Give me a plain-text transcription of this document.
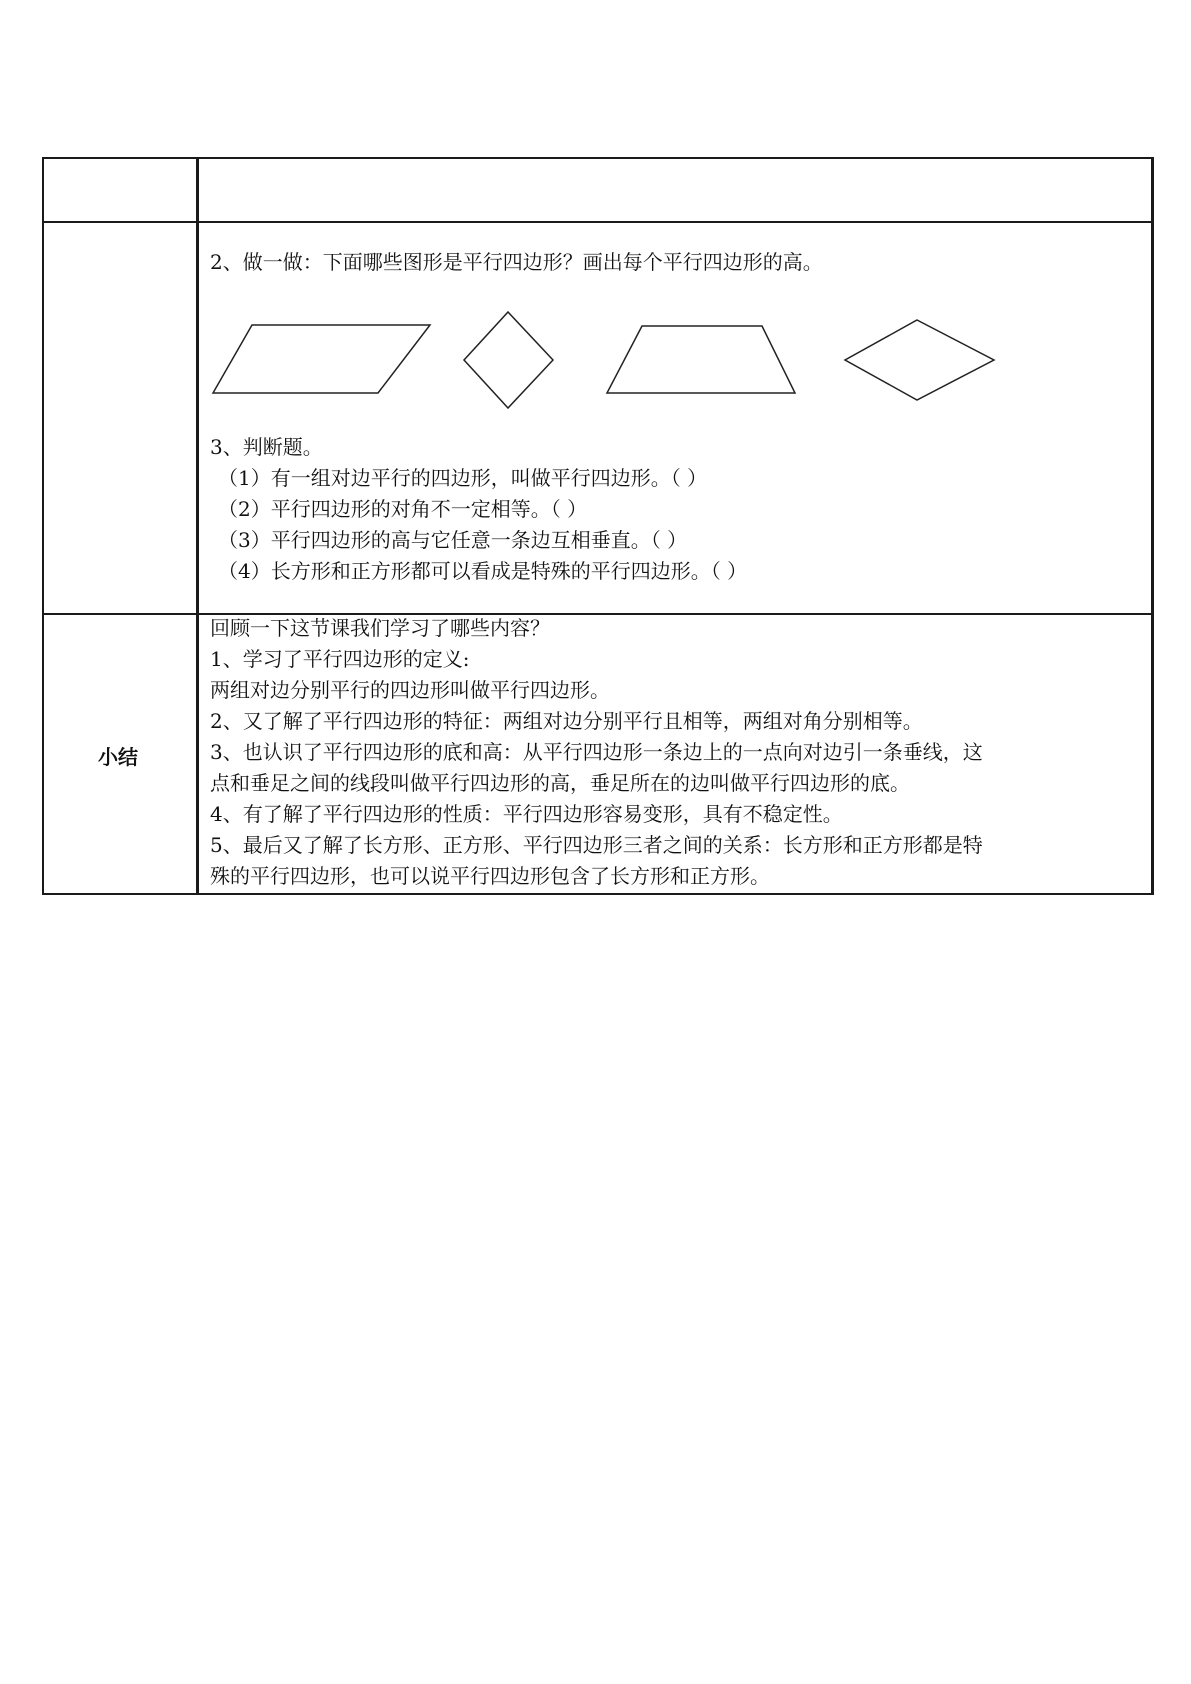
2、做一做：下面哪些图形是平行四边形？画出每个平行四边形的高。
3、判断题。
（1）有一组对边平行的四边形，叫做平行四边形。（ ）
（2）平行四边形的对角不一定相等。（ ）
（3）平行四边形的高与它任意一条边互相垂直。（ ）
（4）长方形和正方形都可以看成是特殊的平行四边形。（ ）
小结
回顾一下这节课我们学习了哪些内容？
1、学习了平行四边形的定义:
两组对边分别平行的四边形叫做平行四边形。
2、又了解了平行四边形的特征：两组对边分别平行且相等，两组对角分别相等。
3、也认识了平行四边形的底和高：从平行四边形一条边上的一点向对边引一条垂线，这
点和垂足之间的线段叫做平行四边形的高，垂足所在的边叫做平行四边形的底。
4、有了解了平行四边形的性质：平行四边形容易变形，具有不稳定性。
5、最后又了解了长方形、正方形、平行四边形三者之间的关系：长方形和正方形都是特
殊的平行四边形，也可以说平行四边形包含了长方形和正方形。
